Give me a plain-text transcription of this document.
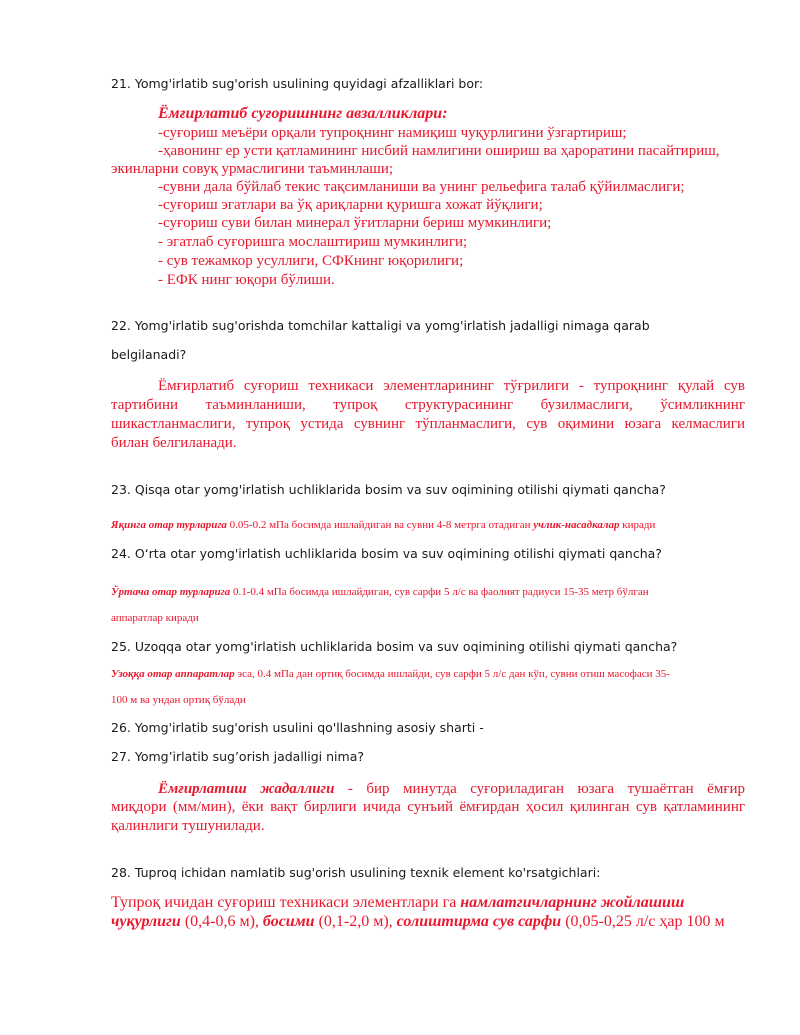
21. Yomg'irlatib sug'orish usulining quyidagi afzalliklari bor:
Ёмғирлатиб суғоришнинг авзалликлари:
-суғориш меъёри орқали тупроқнинг намиқиш чуқурлигини ўзгартириш;
-ҳавонинг ер усти қатламининг нисбий намлигини ошириш ва ҳароратини пасайтириш,
экинларни совуқ урмаслигини таъминлаши;
-сувни дала бўйлаб текис тақсимланиши ва унинг рельефига талаб қўйилмаслиги;
-суғориш эгатлари ва ўқ ариқларни қуришга хожат йўқлиги;
-суғориш суви билан минерал ўғитларни бериш мумкинлиги;
- эгатлаб суғоришга мослаштириш мумкинлиги;
- сув тежамкор усуллиги, СФКнинг юқорилиги;
- ЕФК нинг юқори бўлиши.
22. Yomg'irlatib sug'orishda tomchilar kattaligi va yomg'irlatish jadalligi nimaga qarab
belgilanadi?
Ёмғирлатиб суғориш техникаси элементларининг тўғрилиги - тупроқнинг қулай сув
тартибини таъминланиши, тупроқ структурасининг бузилмаслиги, ўсимликнинг
шикастланмаслиги, тупроқ устида сувнинг тўпланмаслиги, сув оқимини юзага келмаслиги
билан белгиланади.
23. Qisqa otar yomg'irlatish uchliklarida bosim va suv oqimining otilishi qiymati qancha?
Яқинга отар турларига 0.05-0.2 мПа босимда ишлайдиган ва сувни 4-8 метрга отадиган учлик-насадкалар киради
24. O‘rta otar yomg'irlatish uchliklarida bosim va suv oqimining otilishi qiymati qancha?
Ўртача отар турларига 0.1-0.4 мПа босимда ишлайдиган, сув сарфи 5 л/с ва фаолият радиуси 15-35 метр бўлган
аппаратлар киради
25. Uzoqqa otar yomg'irlatish uchliklarida bosim va suv oqimining otilishi qiymati qancha?
Узоққа отар аппаратлар эса, 0.4 мПа дан ортиқ босимда ишлайди, сув сарфи 5 л/с дан кўп, сувни отиш масофаси 35-
100 м ва ундан ортиқ бўлади
26. Yomg'irlatib sug'orish usulini qo'llashning asosiy sharti -
27. Yomg’irlatib sug’orish jadalligi nima?
Ёмғирлатиш жадаллиги - бир минутда суғориладиган юзага тушаётган ёмғир
миқдори (мм/мин), ёки вақт бирлиги ичида сунъий ёмғирдан ҳосил қилинган сув қатламининг
қалинлиги тушунилади.
28. Tuproq ichidan namlatib sug'orish usulining texnik element ko'rsatgichlari:
Тупроқ ичидан суғориш техникаси элементлари га намлатгичларнинг жойлашиш
чуқурлиги (0,4-0,6 м), босими (0,1-2,0 м), солиштирма сув сарфи (0,05-0,25 л/с ҳар 100 м
